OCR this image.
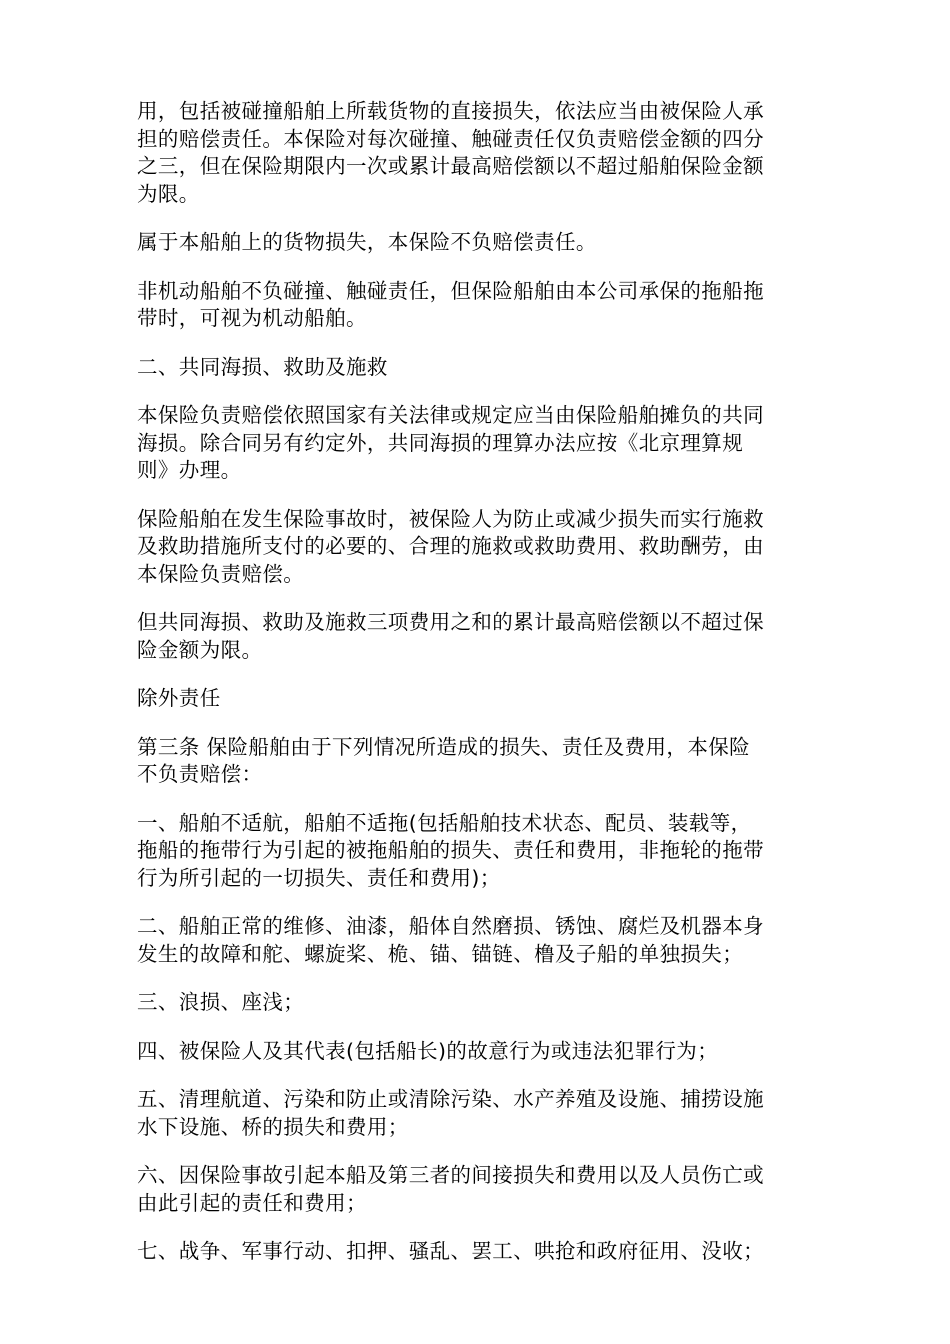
用，包括被碰撞船舶上所载货物的直接损失，依法应当由被保险人承
担的赔偿责任。本保险对每次碰撞、触碰责任仅负责赔偿金额的四分
之三，但在保险期限内一次或累计最高赔偿额以不超过船舶保险金额
为限。

属于本船舶上的货物损失，本保险不负赔偿责任。

非机动船舶不负碰撞、触碰责任，但保险船舶由本公司承保的拖船拖
带时，可视为机动船舶。

二、共同海损、救助及施救

本保险负责赔偿依照国家有关法律或规定应当由保险船舶摊负的共同
海损。除合同另有约定外，共同海损的理算办法应按《北京理算规
则》办理。

保险船舶在发生保险事故时，被保险人为防止或减少损失而实行施救
及救助措施所支付的必要的、合理的施救或救助费用、救助酬劳，由
本保险负责赔偿。

但共同海损、救助及施救三项费用之和的累计最高赔偿额以不超过保
险金额为限。

除外责任

第三条 保险船舶由于下列情况所造成的损失、责任及费用，本保险
不负责赔偿：

一、船舶不适航，船舶不适拖(包括船舶技术状态、配员、装载等，
拖船的拖带行为引起的被拖船舶的损失、责任和费用，非拖轮的拖带
行为所引起的一切损失、责任和费用)；

二、船舶正常的维修、油漆，船体自然磨损、锈蚀、腐烂及机器本身
发生的故障和舵、螺旋桨、桅、锚、锚链、橹及子船的单独损失；

三、浪损、座浅；

四、被保险人及其代表(包括船长)的故意行为或违法犯罪行为；

五、清理航道、污染和防止或清除污染、水产养殖及设施、捕捞设施
水下设施、桥的损失和费用；

六、因保险事故引起本船及第三者的间接损失和费用以及人员伤亡或
由此引起的责任和费用；

七、战争、军事行动、扣押、骚乱、罢工、哄抢和政府征用、没收；
